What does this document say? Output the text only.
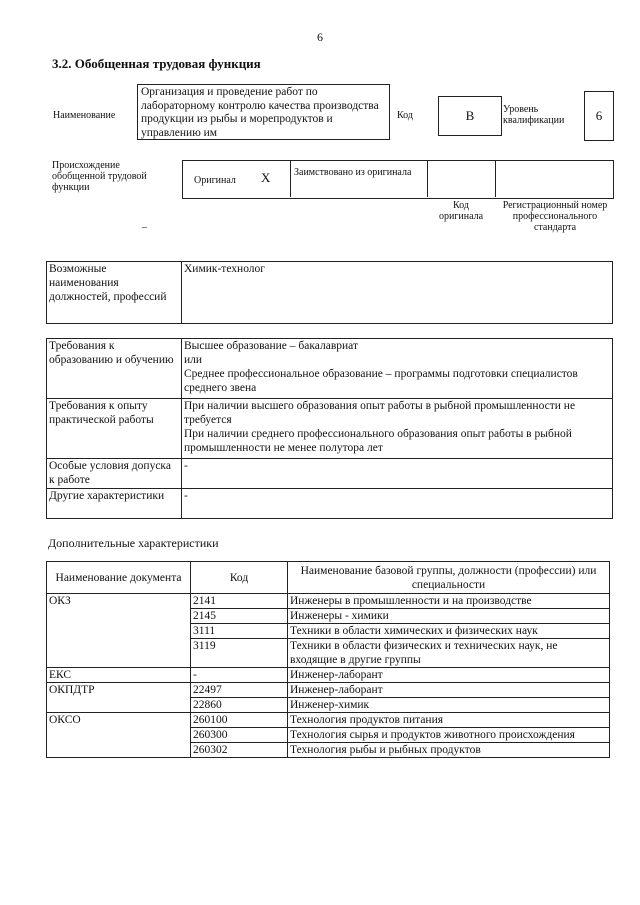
6
3.2. Обобщенная трудовая функция
Наименование
Организация и проведение работ по лабораторному контролю качества производства продукции из рыбы и морепродуктов и управлению им
Код	B	Уровень квалификации	6
Происхождение обобщенной трудовой функции
Оригинал X Заимствовано из оригинала
Код оригинала
Регистрационный номер профессионального стандарта
–
Возможные наименования должностей, профессий	Химик-технолог
Требования к образованию и обучению	Высшее образование – бакалавриат
или
Среднее профессиональное образование – программы подготовки специалистов среднего звена

Требования к опыту практической работы	При наличии высшего образования опыт работы в рыбной промышленности не требуется
При наличии среднего профессионального образования опыт работы в рыбной промышленности не менее полутора лет

Особые условия допуска к работе	-
Другие характеристики	-
Дополнительные характеристики
Наименование документа	Код	Наименование базовой группы, должности (профессии) или специальности
ОКЗ	2141	Инженеры в промышленности и на производстве
	2145	Инженеры - химики
	3111	Техники в области химических и физических наук
	3119	Техники в области физических и технических наук, не входящие в другие группы
ЕКС	-	Инженер-лаборант
ОКПДТР	22497	Инженер-лаборант
	22860	Инженер-химик
ОКСО	260100	Технология продуктов питания
	260300	Технология сырья и продуктов животного происхождения
	260302	Технология рыбы и рыбных продуктов
